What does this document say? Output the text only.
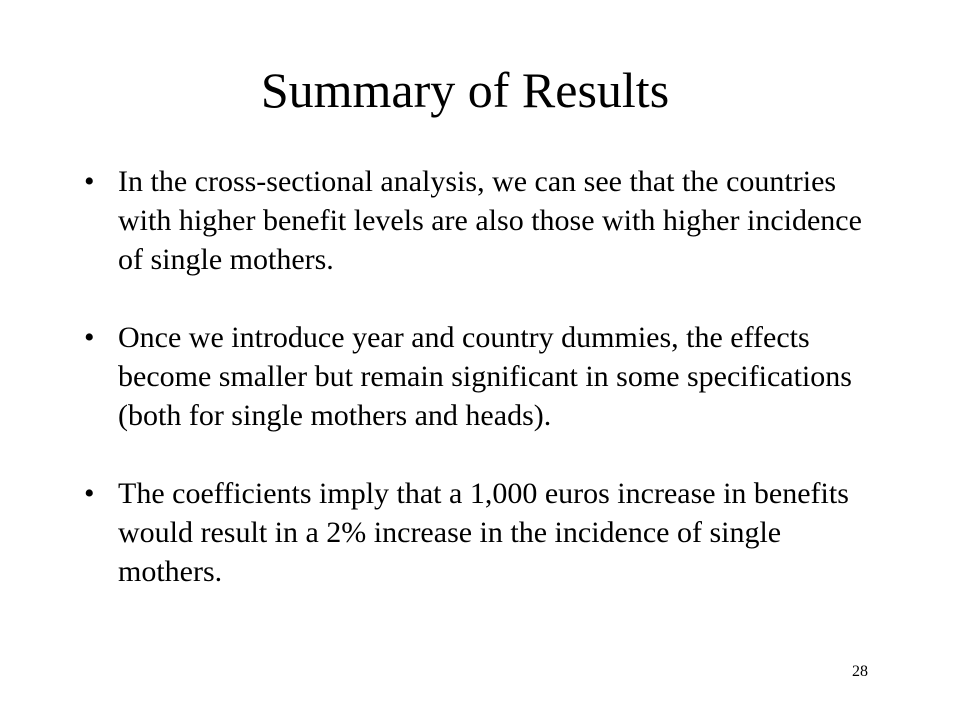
Summary of Results
• In the cross-sectional analysis, we can see that the countries with higher benefit levels are also those with higher incidence of single mothers.
• Once we introduce year and country dummies, the effects become smaller but remain significant in some specifications (both for single mothers and heads).
• The coefficients imply that a 1,000 euros increase in benefits would result in a 2% increase in the incidence of single mothers.
28
